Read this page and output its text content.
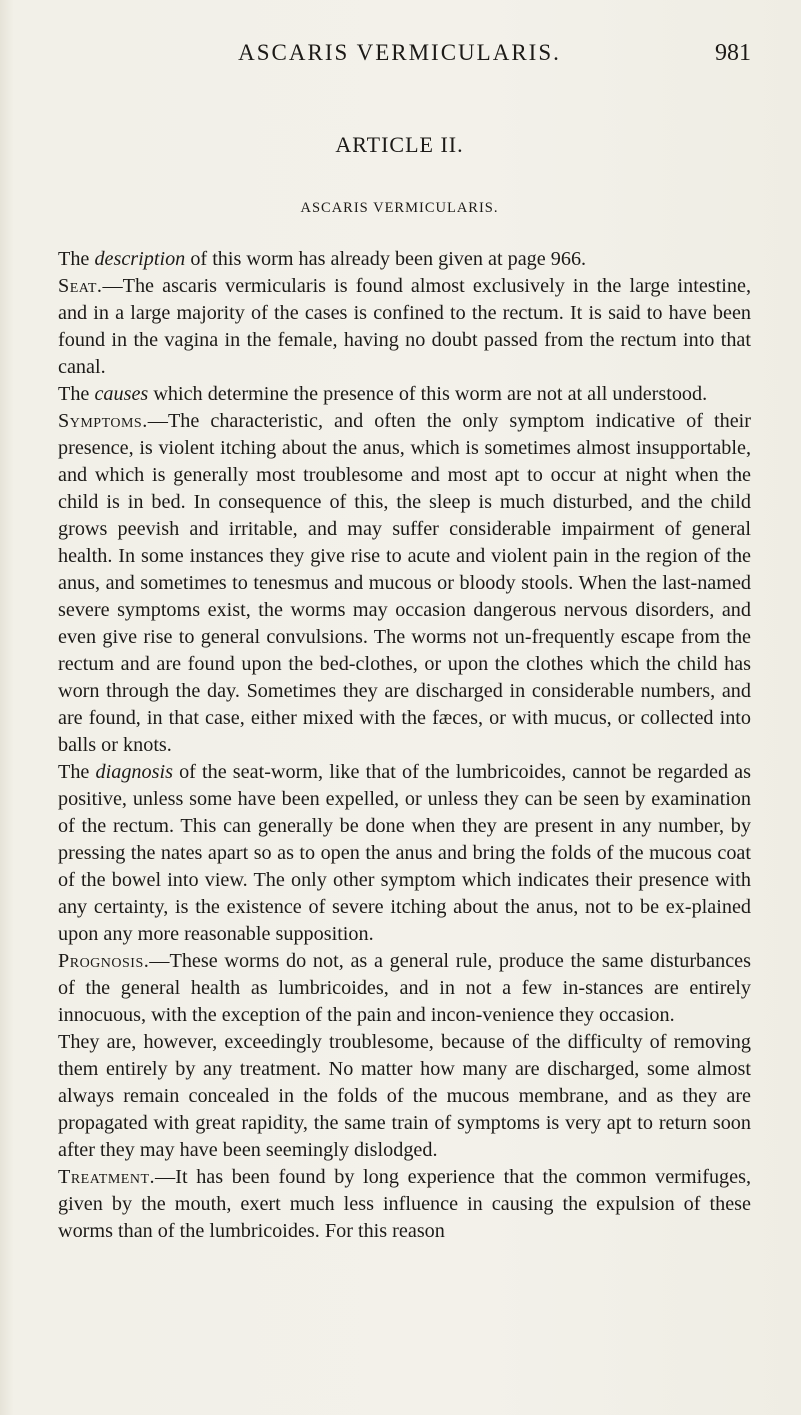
ASCARIS VERMICULARIS.	981
ARTICLE II.
ASCARIS VERMICULARIS.

The description of this worm has already been given at page 966.

Seat.—The ascaris vermicularis is found almost exclusively in the large intestine, and in a large majority of the cases is confined to the rectum. It is said to have been found in the vagina in the female, having no doubt passed from the rectum into that canal.

The causes which determine the presence of this worm are not at all understood.

Symptoms.—The characteristic, and often the only symptom indicative of their presence, is violent itching about the anus, which is sometimes almost insupportable, and which is generally most troublesome and most apt to occur at night when the child is in bed. In consequence of this, the sleep is much disturbed, and the child grows peevish and irritable, and may suffer considerable impairment of general health. In some instances they give rise to acute and violent pain in the region of the anus, and sometimes to tenesmus and mucous or bloody stools. When the last-named severe symptoms exist, the worms may occasion dangerous nervous disorders, and even give rise to general convulsions. The worms not un-frequently escape from the rectum and are found upon the bed-clothes, or upon the clothes which the child has worn through the day. Sometimes they are discharged in considerable numbers, and are found, in that case, either mixed with the fæces, or with mucus, or collected into balls or knots.

The diagnosis of the seat-worm, like that of the lumbricoides, cannot be regarded as positive, unless some have been expelled, or unless they can be seen by examination of the rectum. This can generally be done when they are present in any number, by pressing the nates apart so as to open the anus and bring the folds of the mucous coat of the bowel into view. The only other symptom which indicates their presence with any certainty, is the existence of severe itching about the anus, not to be ex-plained upon any more reasonable supposition.

Prognosis.—These worms do not, as a general rule, produce the same disturbances of the general health as lumbricoides, and in not a few in-stances are entirely innocuous, with the exception of the pain and incon-venience they occasion.

They are, however, exceedingly troublesome, because of the difficulty of removing them entirely by any treatment. No matter how many are discharged, some almost always remain concealed in the folds of the mucous membrane, and as they are propagated with great rapidity, the same train of symptoms is very apt to return soon after they may have been seemingly dislodged.

Treatment.—It has been found by long experience that the common vermifuges, given by the mouth, exert much less influence in causing the expulsion of these worms than of the lumbricoides. For this reason
